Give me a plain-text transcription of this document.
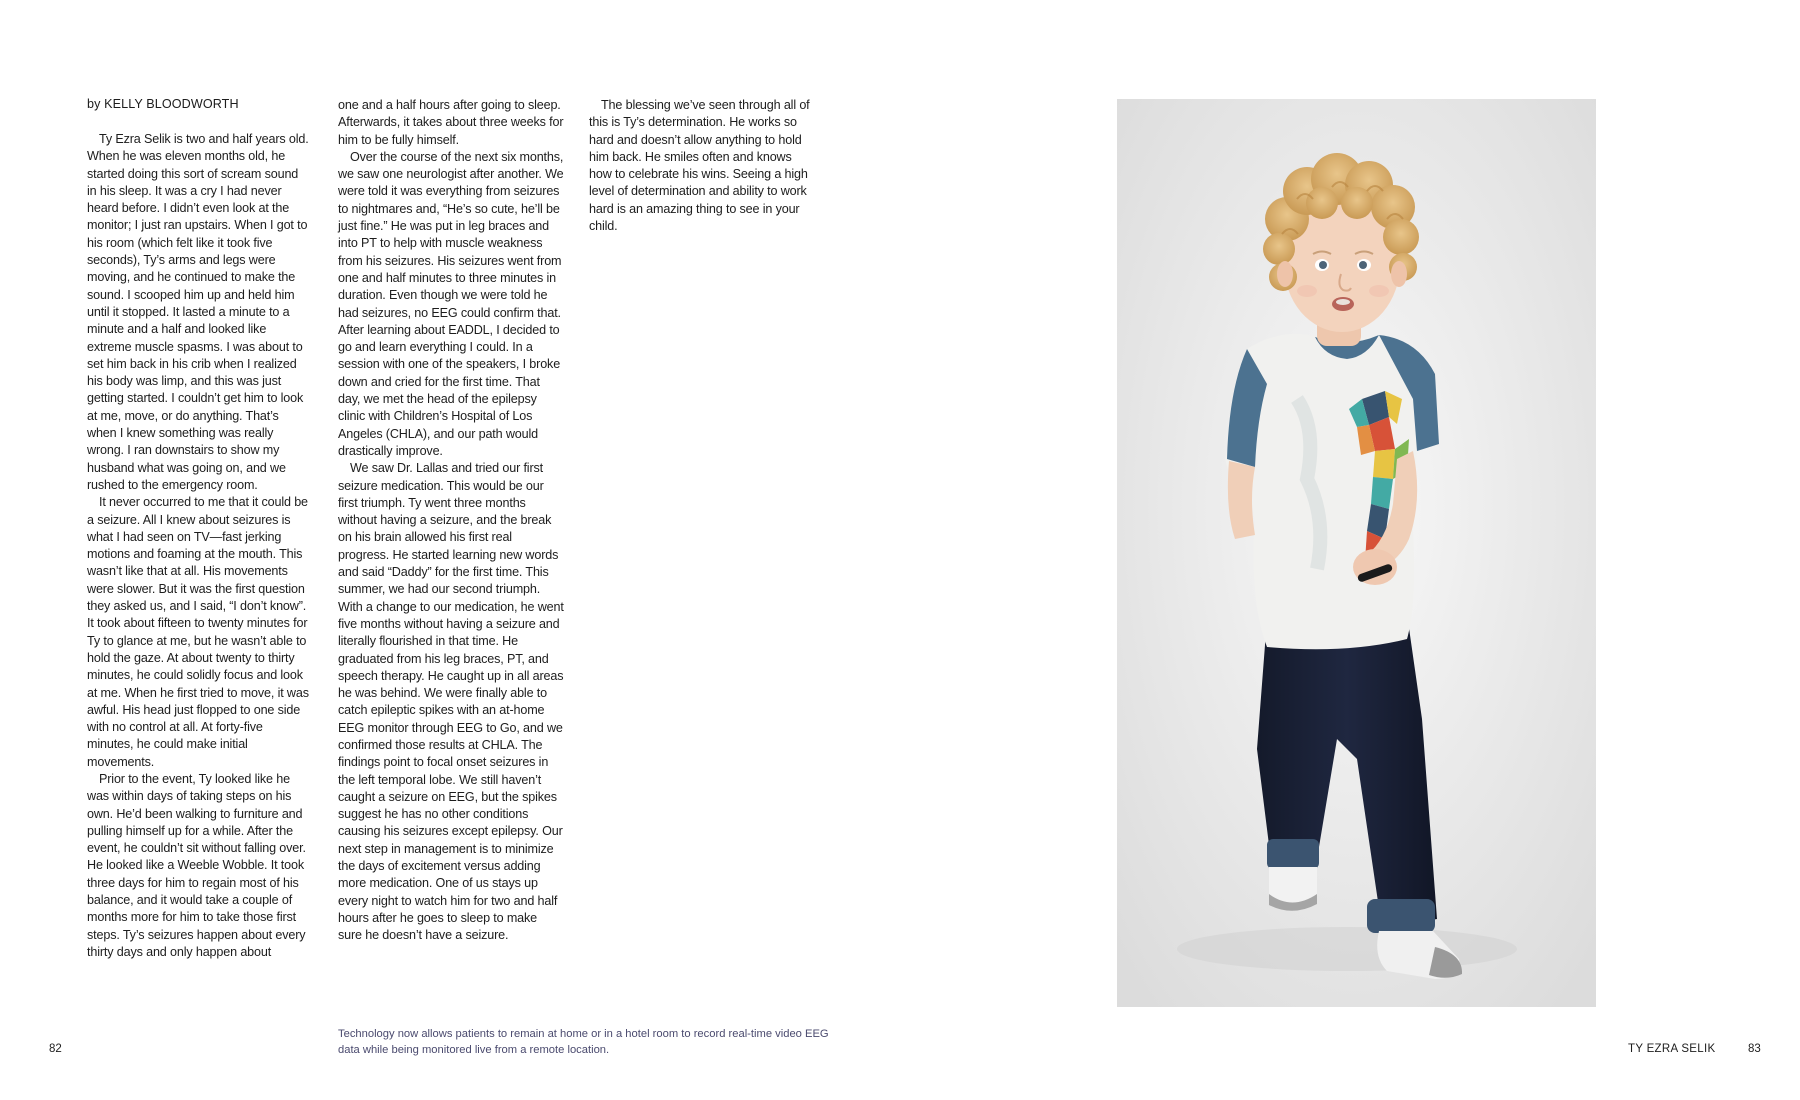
by KELLY BLOODWORTH

Ty Ezra Selik is two and half years old. When he was eleven months old, he started doing this sort of scream sound in his sleep. It was a cry I had never heard before. I didn’t even look at the monitor; I just ran upstairs. When I got to his room (which felt like it took five seconds), Ty’s arms and legs were moving, and he continued to make the sound. I scooped him up and held him until it stopped. It lasted a minute to a minute and a half and looked like extreme muscle spasms. I was about to set him back in his crib when I realized his body was limp, and this was just getting started. I couldn’t get him to look at me, move, or do anything. That’s when I knew something was really wrong. I ran downstairs to show my husband what was going on, and we rushed to the emergency room.

It never occurred to me that it could be a seizure. All I knew about seizures is what I had seen on TV—fast jerking motions and foaming at the mouth. This wasn’t like that at all. His movements were slower. But it was the first question they asked us, and I said, “I don’t know”. It took about fifteen to twenty minutes for Ty to glance at me, but he wasn’t able to hold the gaze. At about twenty to thirty minutes, he could solidly focus and look at me. When he first tried to move, it was awful. His head just flopped to one side with no control at all. At forty-five minutes, he could make initial movements.

Prior to the event, Ty looked like he was within days of taking steps on his own. He’d been walking to furniture and pulling himself up for a while. After the event, he couldn’t sit without falling over. He looked like a Weeble Wobble. It took three days for him to regain most of his balance, and it would take a couple of months more for him to take those first steps. Ty’s seizures happen about every thirty days and only happen about

one and a half hours after going to sleep. Afterwards, it takes about three weeks for him to be fully himself.

Over the course of the next six months, we saw one neurologist after another. We were told it was everything from seizures to nightmares and, “He’s so cute, he’ll be just fine.” He was put in leg braces and into PT to help with muscle weakness from his seizures. His seizures went from one and half minutes to three minutes in duration. Even though we were told he had seizures, no EEG could confirm that. After learning about EADDL, I decided to go and learn everything I could. In a session with one of the speakers, I broke down and cried for the first time. That day, we met the head of the epilepsy clinic with Children’s Hospital of Los Angeles (CHLA), and our path would drastically improve.

We saw Dr. Lallas and tried our first seizure medication. This would be our first triumph. Ty went three months without having a seizure, and the break on his brain allowed his first real progress. He started learning new words and said “Daddy” for the first time. This summer, we had our second triumph. With a change to our medication, he went five months without having a seizure and literally flourished in that time. He graduated from his leg braces, PT, and speech therapy. He caught up in all areas he was behind. We were finally able to catch epileptic spikes with an at-home EEG monitor through EEG to Go, and we confirmed those results at CHLA. The findings point to focal onset seizures in the left temporal lobe. We still haven’t caught a seizure on EEG, but the spikes suggest he has no other conditions causing his seizures except epilepsy. Our next step in management is to minimize the days of excitement versus adding more medication. One of us stays up every night to watch him for two and half hours after he goes to sleep to make sure he doesn’t have a seizure.

The blessing we’ve seen through all of this is Ty’s determination. He works so hard and doesn’t allow anything to hold him back. He smiles often and knows how to celebrate his wins. Seeing a high level of determination and ability to work hard is an amazing thing to see in your child.

Technology now allows patients to remain at home or in a hotel room to record real-time video EEG data while being monitored live from a remote location.

82	TY EZRA SELIK	83
